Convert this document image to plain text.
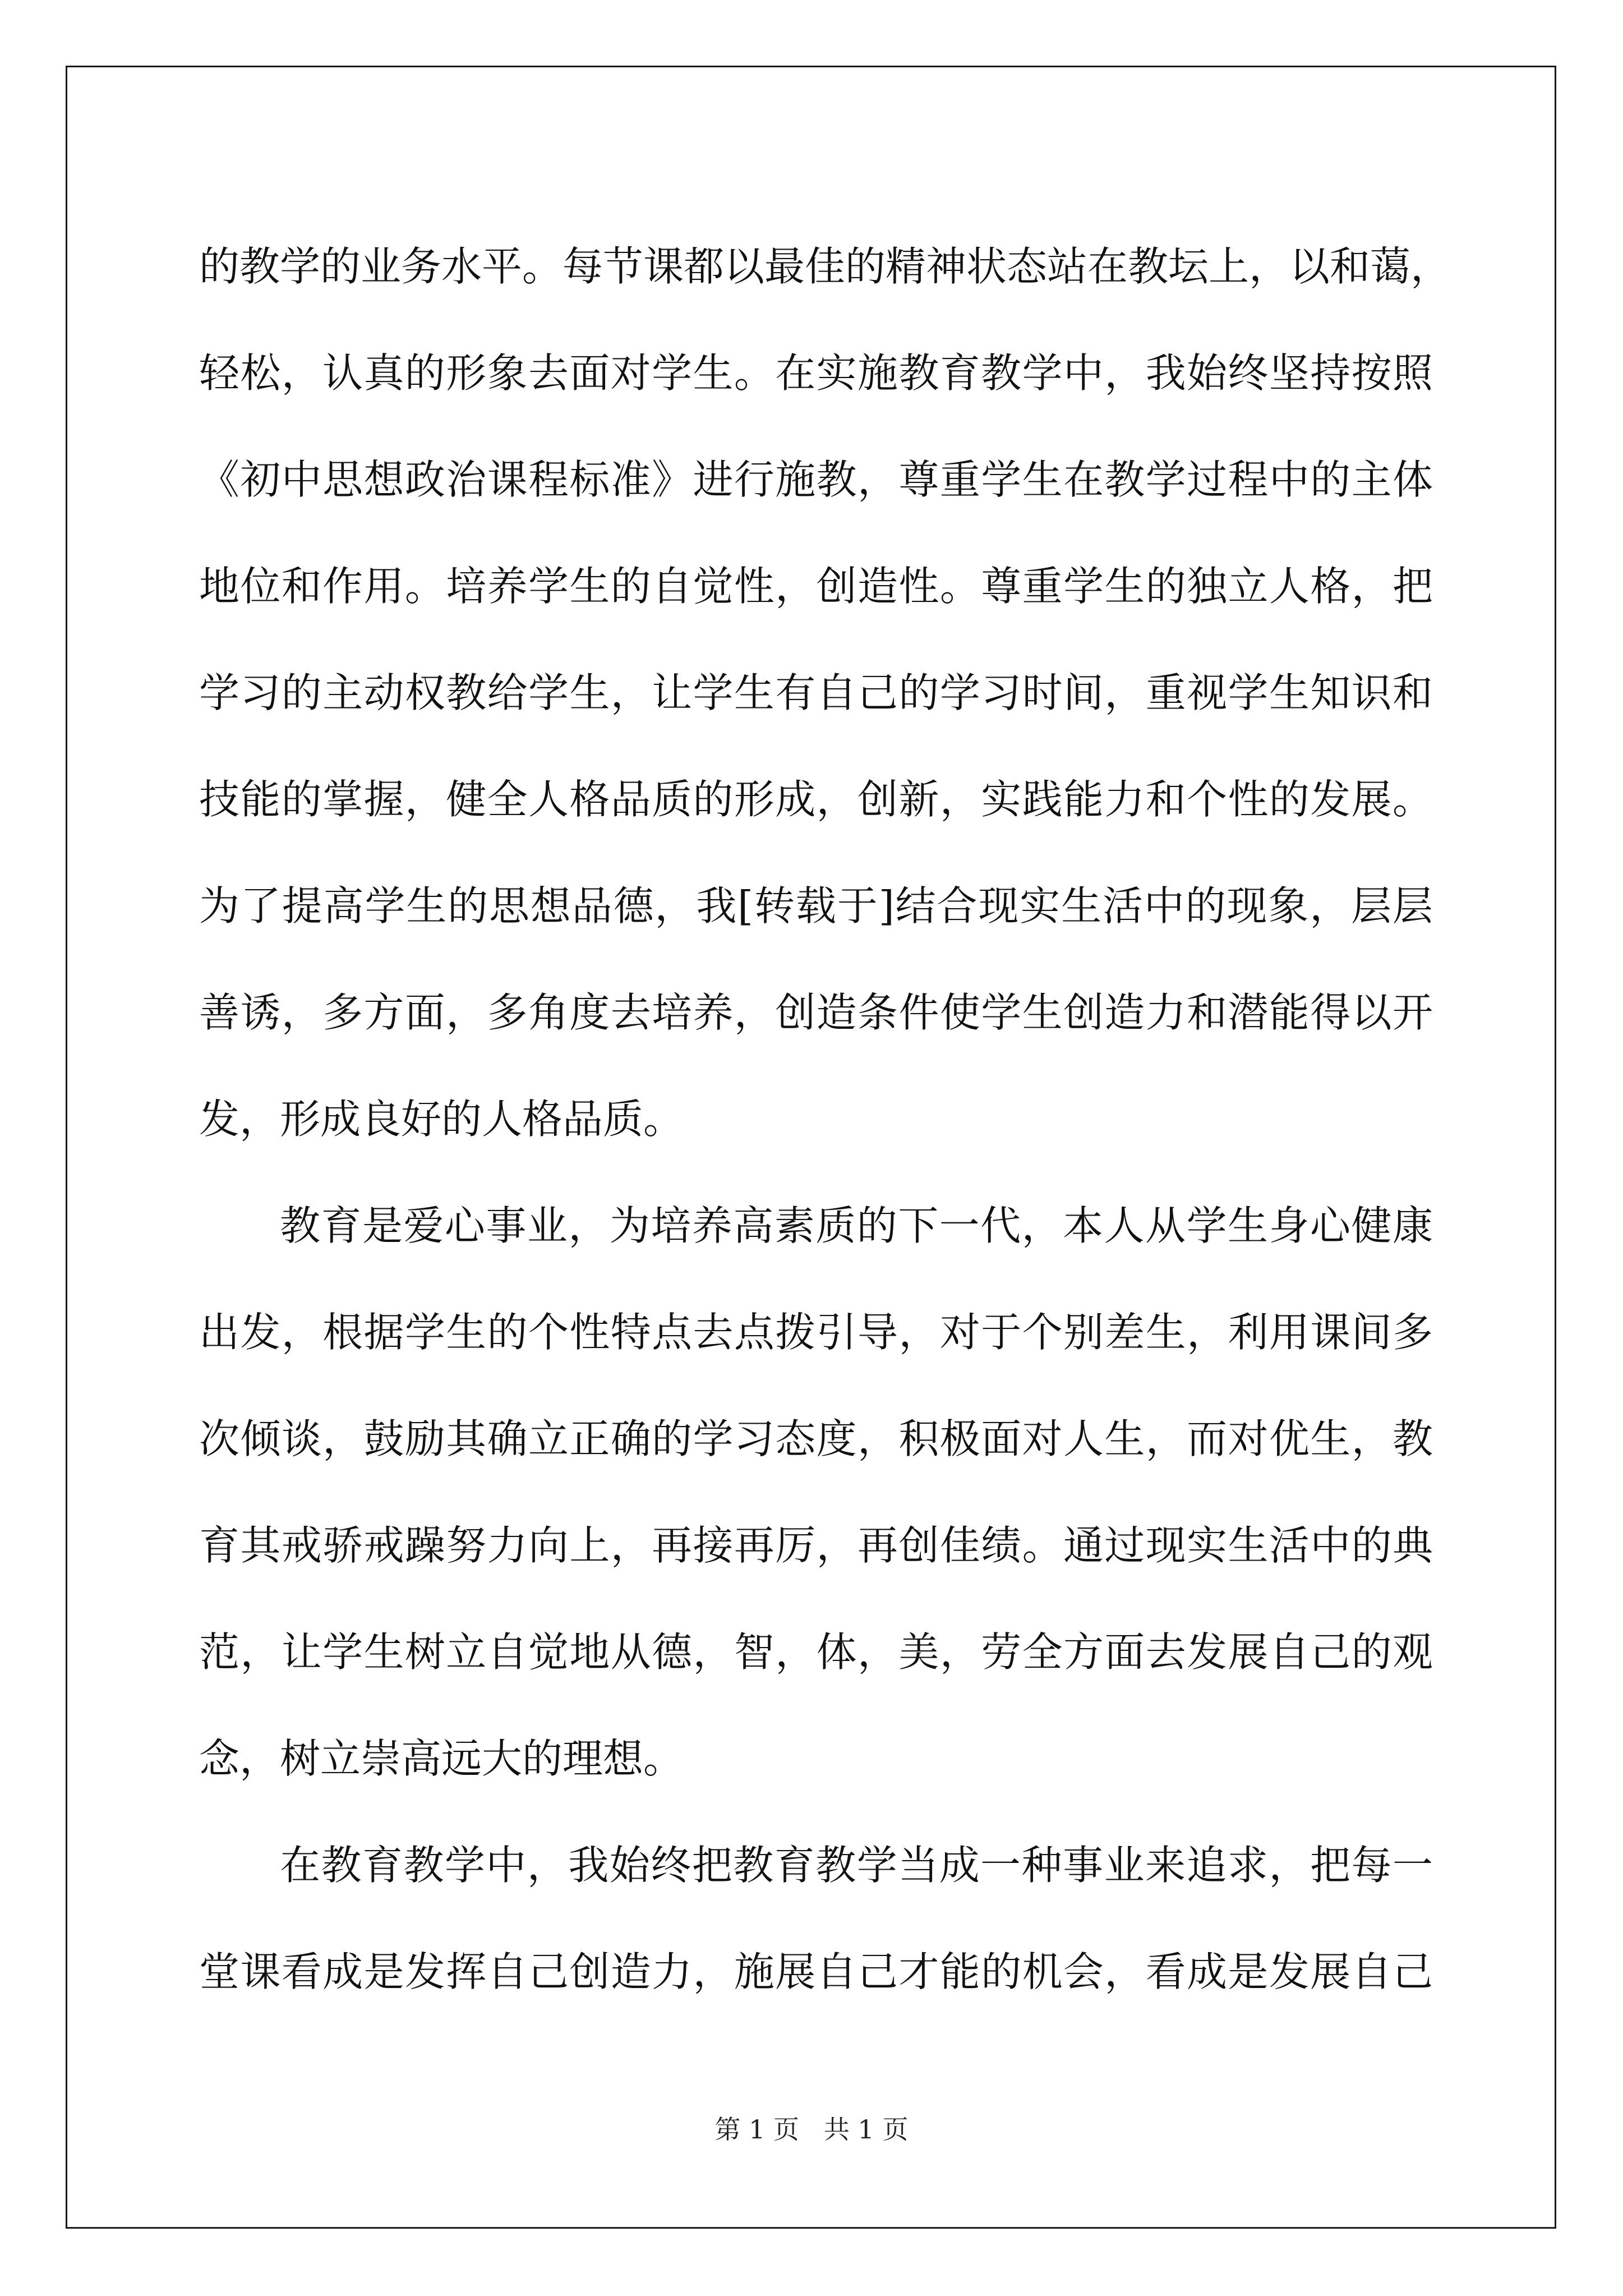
的教学的业务水平。每节课都以最佳的精神状态站在教坛上，以和蔼，
轻松，认真的形象去面对学生。在实施教育教学中，我始终坚持按照
《初中思想政治课程标准》进行施教，尊重学生在教学过程中的主体
地位和作用。培养学生的自觉性，创造性。尊重学生的独立人格，把
学习的主动权教给学生，让学生有自己的学习时间，重视学生知识和
技能的掌握，健全人格品质的形成，创新，实践能力和个性的发展。
为了提高学生的思想品德，我[转载于]结合现实生活中的现象，层层
善诱，多方面，多角度去培养，创造条件使学生创造力和潜能得以开
发，形成良好的人格品质。
教育是爱心事业，为培养高素质的下一代，本人从学生身心健康
出发，根据学生的个性特点去点拨引导，对于个别差生，利用课间多
次倾谈，鼓励其确立正确的学习态度，积极面对人生，而对优生，教
育其戒骄戒躁努力向上，再接再厉，再创佳绩。通过现实生活中的典
范，让学生树立自觉地从德，智，体，美，劳全方面去发展自己的观
念，树立崇高远大的理想。
在教育教学中，我始终把教育教学当成一种事业来追求，把每一
堂课看成是发挥自己创造力，施展自己才能的机会，看成是发展自己
第 1 页 共 1 页
